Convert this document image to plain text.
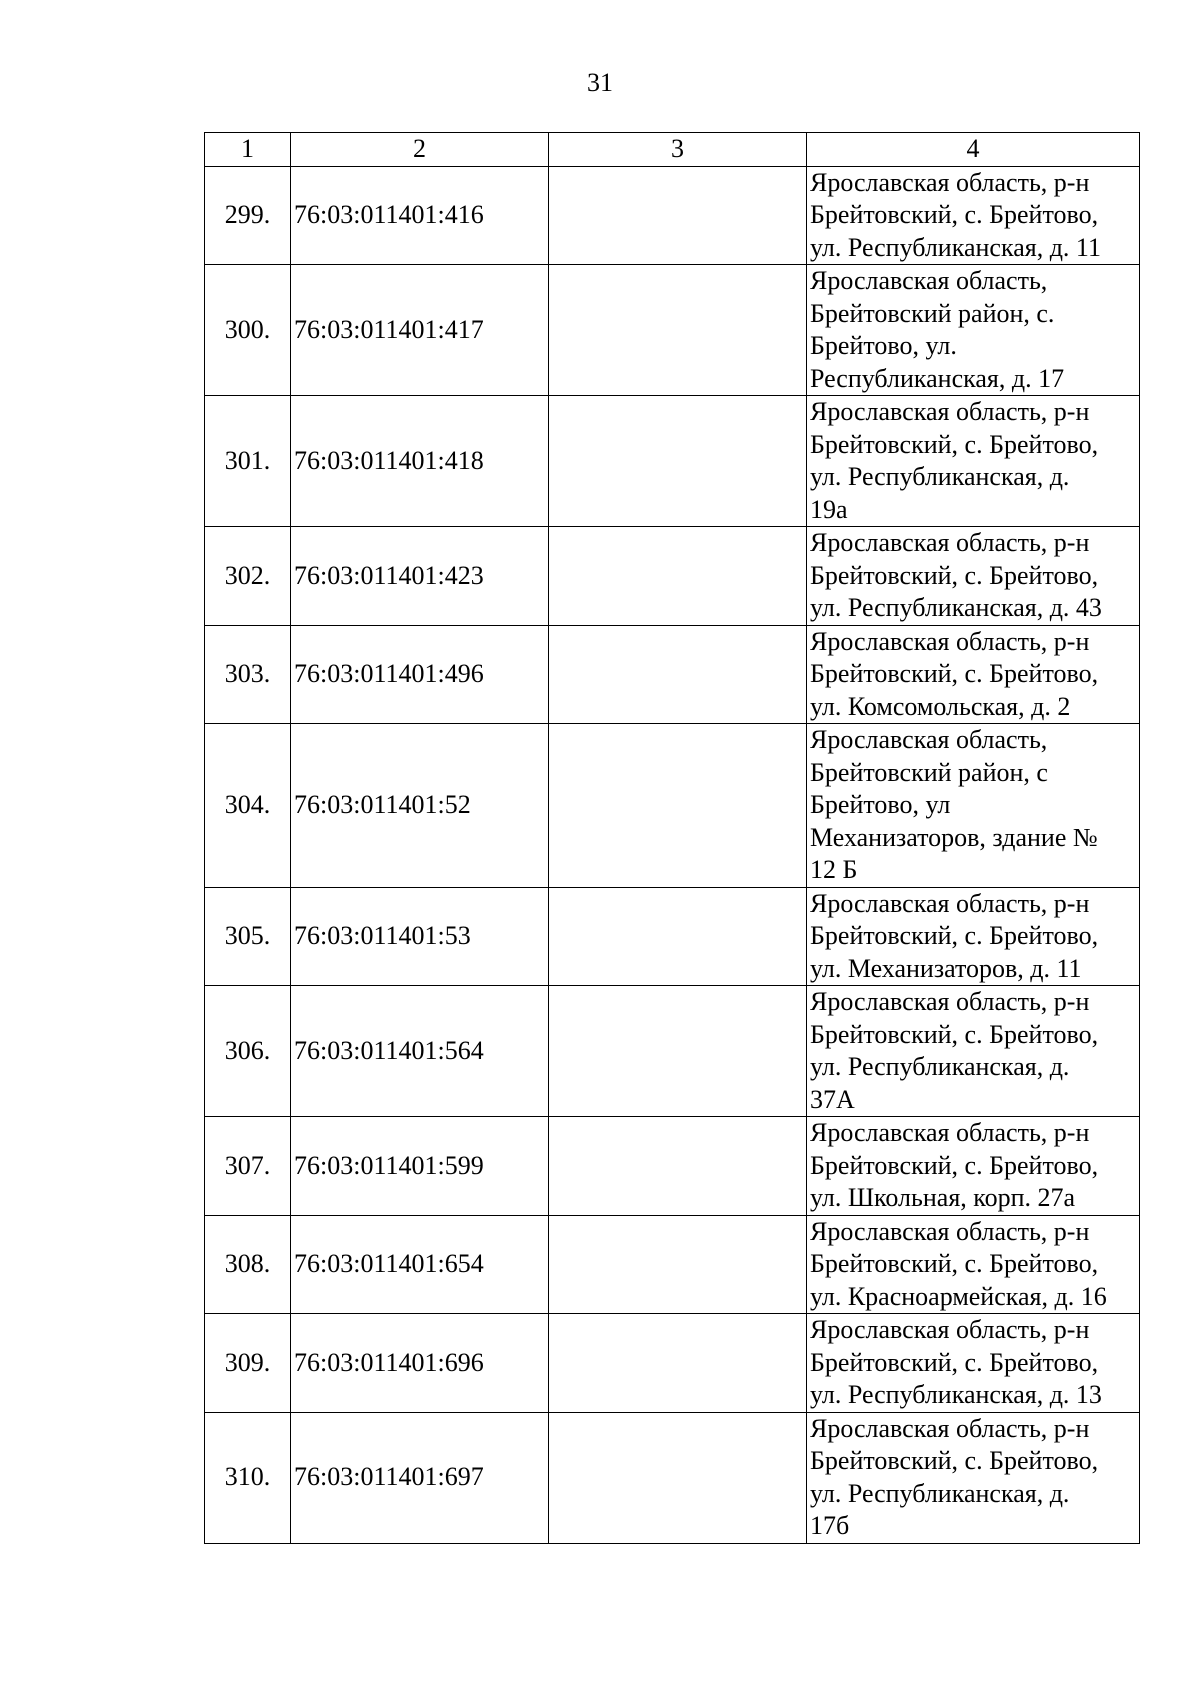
31
1	2	3	4
299.	76:03:011401:416		Ярославская область, р-н
Брейтовский, с. Брейтово,
ул. Республиканская, д. 11

300.	76:03:011401:417		Ярославская область,
Брейтовский район, с.
Брейтово, ул.
Республиканская, д. 17

301.	76:03:011401:418		Ярославская область, р-н
Брейтовский, с. Брейтово,
ул. Республиканская, д.
19а

302.	76:03:011401:423		Ярославская область, р-н
Брейтовский, с. Брейтово,
ул. Республиканская, д. 43

303.	76:03:011401:496		Ярославская область, р-н
Брейтовский, с. Брейтово,
ул. Комсомольская, д. 2

304.	76:03:011401:52		Ярославская область,
Брейтовский район, с
Брейтово, ул
Механизаторов, здание №
12 Б

305.	76:03:011401:53		Ярославская область, р-н
Брейтовский, с. Брейтово,
ул. Механизаторов, д. 11

306.	76:03:011401:564		Ярославская область, р-н
Брейтовский, с. Брейтово,
ул. Республиканская, д.
37А

307.	76:03:011401:599		Ярославская область, р-н
Брейтовский, с. Брейтово,
ул. Школьная, корп. 27а

308.	76:03:011401:654		Ярославская область, р-н
Брейтовский, с. Брейтово,
ул. Красноармейская, д. 16

309.	76:03:011401:696		Ярославская область, р-н
Брейтовский, с. Брейтово,
ул. Республиканская, д. 13

310.	76:03:011401:697		Ярославская область, р-н
Брейтовский, с. Брейтово,
ул. Республиканская, д.
17б
